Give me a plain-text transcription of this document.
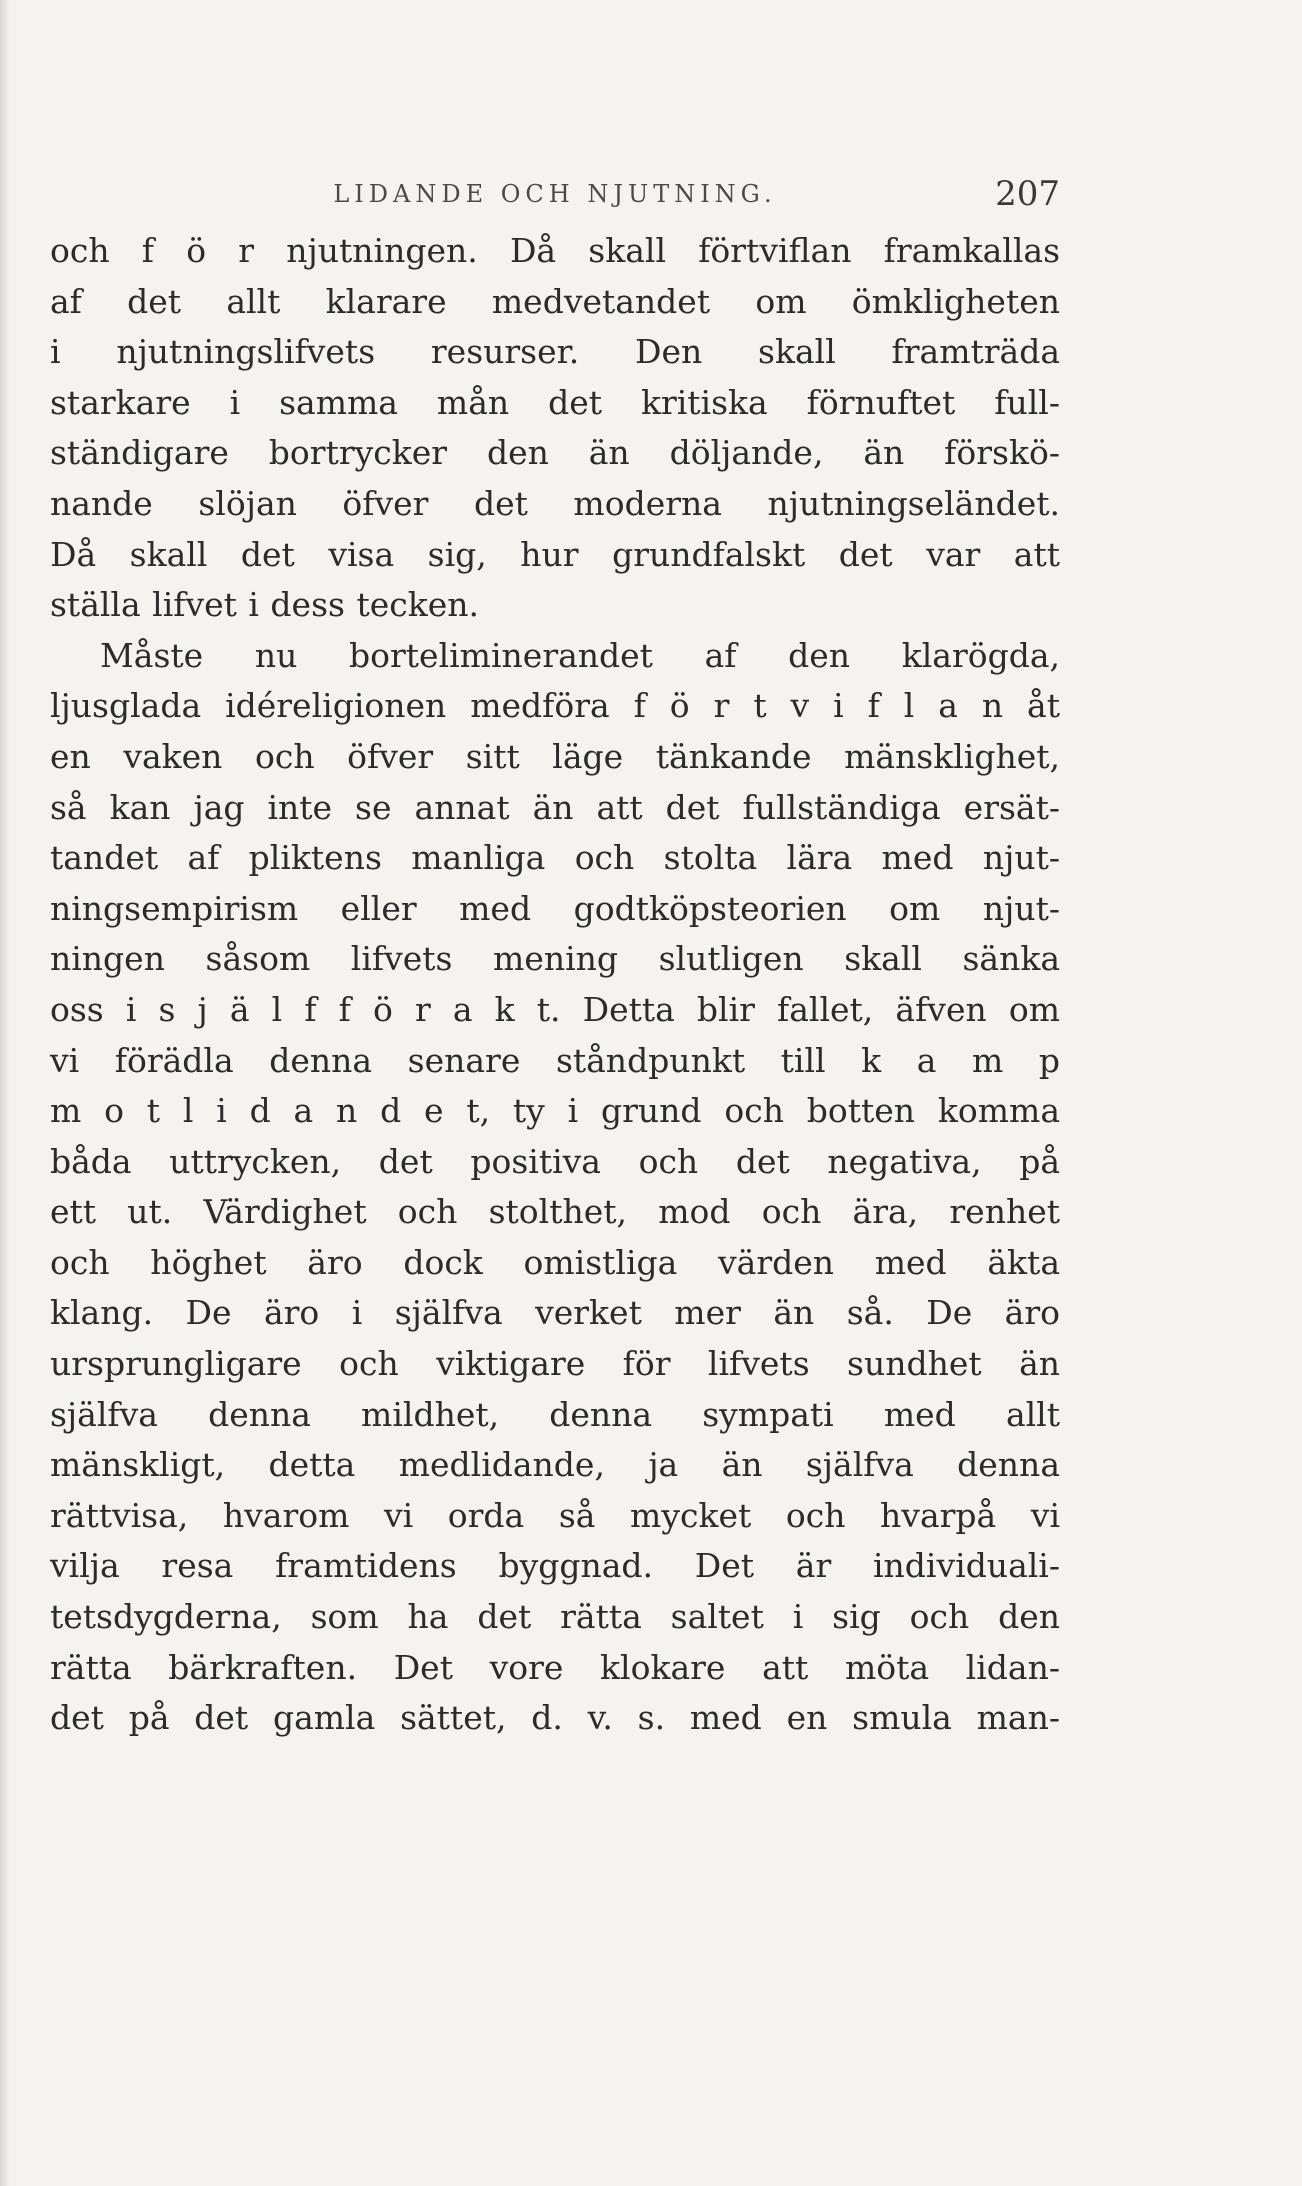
LIDANDE OCH NJUTNING.	207
och f ö r njutningen. Då skall förtviflan framkallas
af det allt klarare medvetandet om ömkligheten
i njutningslifvets resurser. Den skall framträda
starkare i samma mån det kritiska förnuftet full-
ständigare bortrycker den än döljande, än förskö-
nande slöjan öfver det moderna njutningseländet.
Då skall det visa sig, hur grundfalskt det var att
ställa lifvet i dess tecken.
Måste nu borteliminerandet af den klarögda,
ljusglada idéreligionen medföra f ö r t v i f l a n åt
en vaken och öfver sitt läge tänkande mänsklighet,
så kan jag inte se annat än att det fullständiga ersät-
tandet af pliktens manliga och stolta lära med njut-
ningsempirism eller med godtköpsteorien om njut-
ningen såsom lifvets mening slutligen skall sänka
oss i s j ä l f f ö r a k t. Detta blir fallet, äfven om
vi förädla denna senare ståndpunkt till k a m p
m o t l i d a n d e t, ty i grund och botten komma
båda uttrycken, det positiva och det negativa, på
ett ut. Värdighet och stolthet, mod och ära, renhet
och höghet äro dock omistliga värden med äkta
klang. De äro i själfva verket mer än så. De äro
ursprungligare och viktigare för lifvets sundhet än
själfva denna mildhet, denna sympati med allt
mänskligt, detta medlidande, ja än själfva denna
rättvisa, hvarom vi orda så mycket och hvarpå vi
vilja resa framtidens byggnad. Det är individuali-
tetsdygderna, som ha det rätta saltet i sig och den
rätta bärkraften. Det vore klokare att möta lidan-
det på det gamla sättet, d. v. s. med en smula man-
